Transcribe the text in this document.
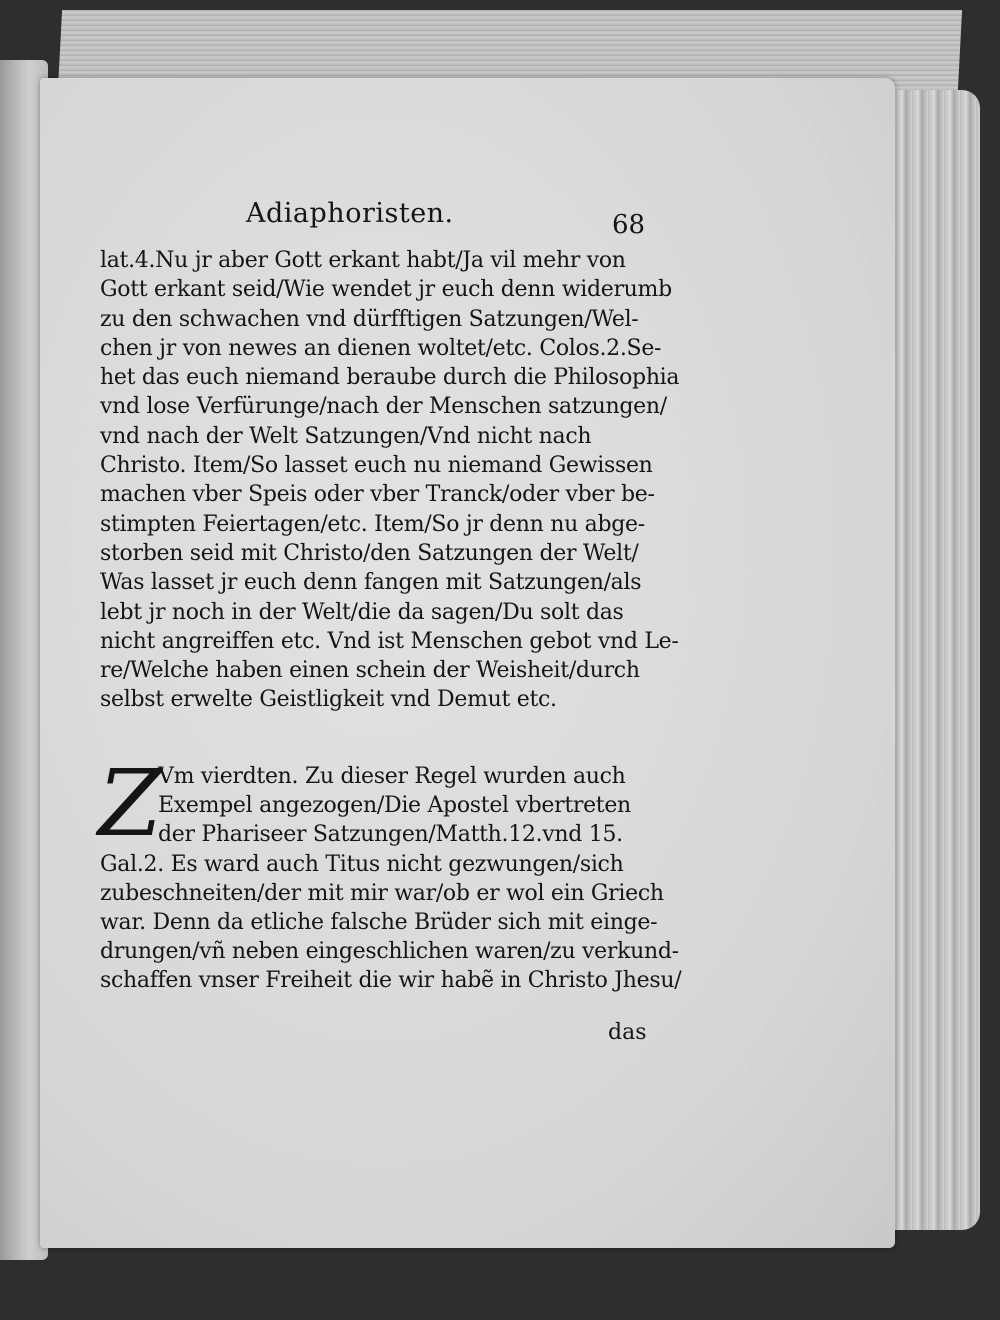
Adiaphoristen.	68
lat.4.Nu jr aber Gott erkant habt/Ja vil mehr von
Gott erkant seid/Wie wendet jr euch denn widerumb
zu den schwachen vnd dürfftigen Satzungen/Wel-
chen jr von newes an dienen woltet/etc. Colos.2.Se-
het das euch niemand beraube durch die Philosophia
vnd lose Verfürunge/nach der Menschen satzungen/
vnd nach der Welt Satzungen/Vnd nicht nach
Christo. Item/So lasset euch nu niemand Gewissen
machen vber Speis oder vber Tranck/oder vber be-
stimpten Feiertagen/etc. Item/So jr denn nu abge-
storben seid mit Christo/den Satzungen der Welt/
Was lasset jr euch denn fangen mit Satzungen/als
lebt jr noch in der Welt/die da sagen/Du solt das
nicht angreiffen etc. Vnd ist Menschen gebot vnd Le-
re/Welche haben einen schein der Weisheit/durch
selbst erwelte Geistligkeit vnd Demut etc.
Z
Vm vierdten. Zu dieser Regel wurden auch
Exempel angezogen/Die Apostel vbertreten
der Phariseer Satzungen/Matth.12.vnd 15.
Gal.2. Es ward auch Titus nicht gezwungen/sich
zubeschneiten/der mit mir war/ob er wol ein Griech
war. Denn da etliche falsche Brüder sich mit einge-
drungen/vñ neben eingeschlichen waren/zu verkund-
schaffen vnser Freiheit die wir habẽ in Christo Jhesu/
das
